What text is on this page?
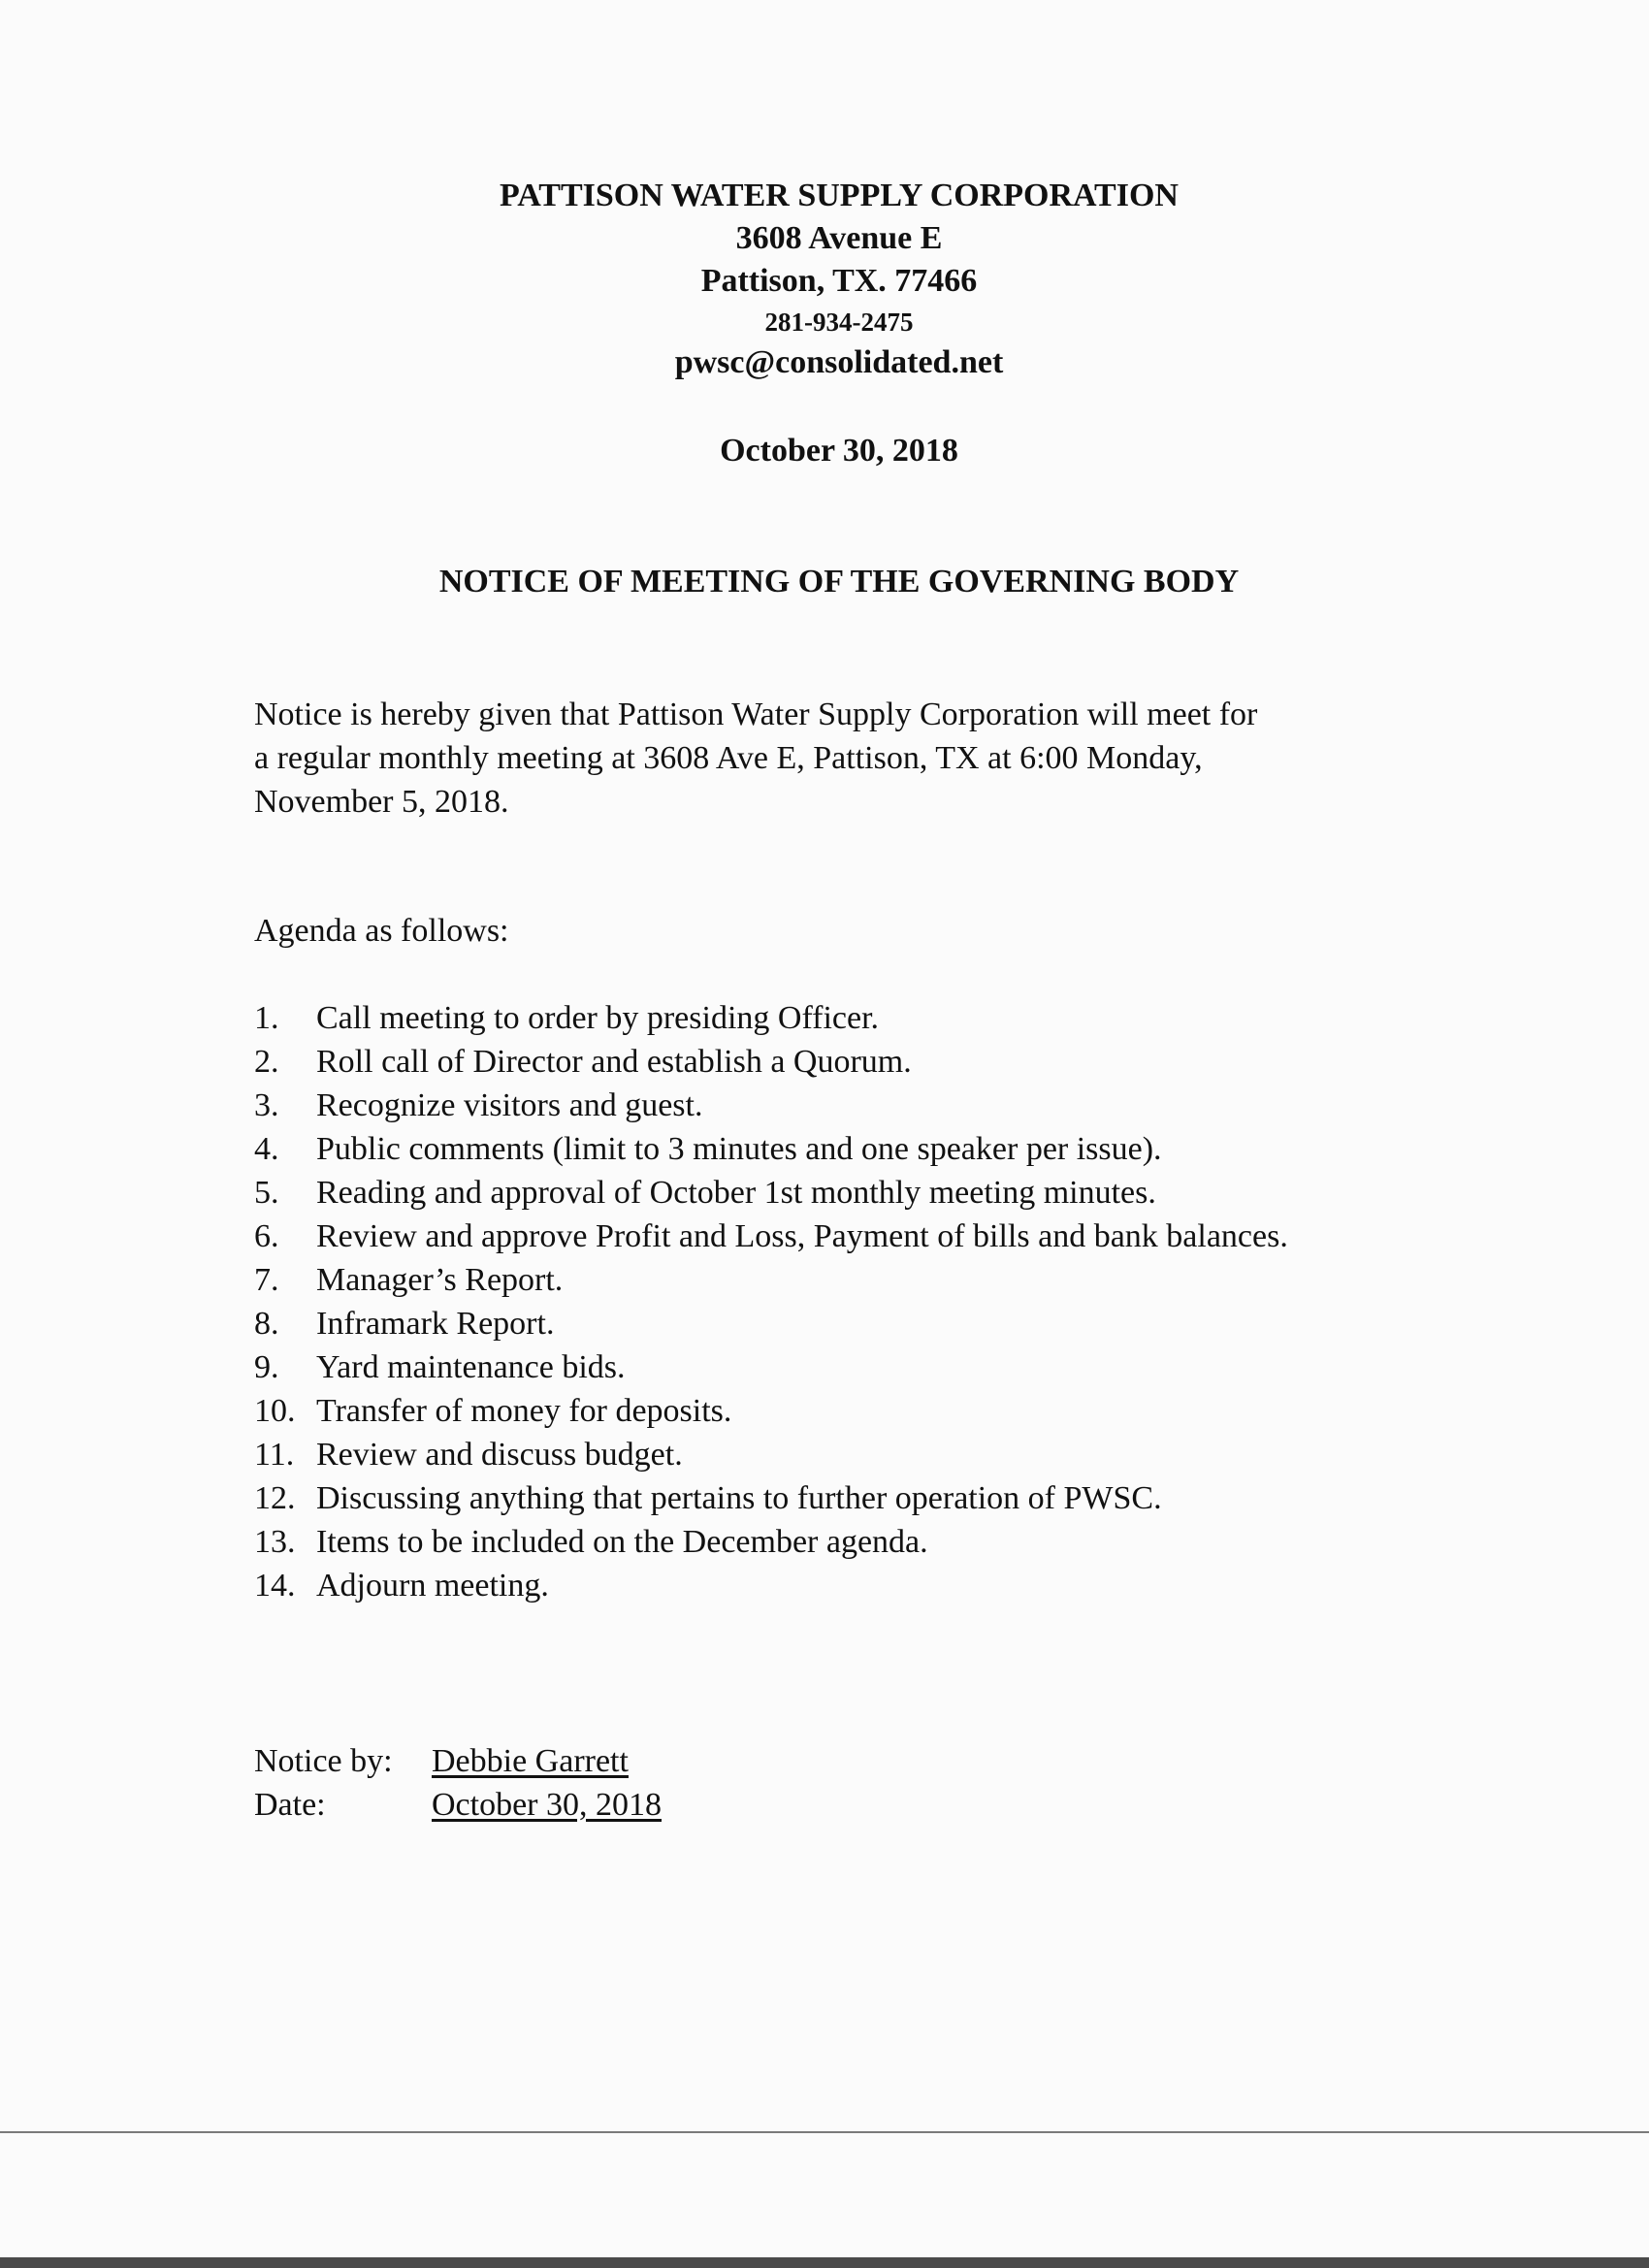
PATTISON WATER SUPPLY CORPORATION
3608 Avenue E
Pattison, TX. 77466
281-934-2475
pwsc@consolidated.net
October 30, 2018
NOTICE OF MEETING OF THE GOVERNING BODY
Notice is hereby given that Pattison Water Supply Corporation will meet for
a regular monthly meeting at 3608 Ave E, Pattison, TX at 6:00 Monday,
November 5, 2018.
Agenda as follows:
1. Call meeting to order by presiding Officer.
2. Roll call of Director and establish a Quorum.
3. Recognize visitors and guest.
4. Public comments (limit to 3 minutes and one speaker per issue).
5. Reading and approval of October 1st monthly meeting minutes.
6. Review and approve Profit and Loss, Payment of bills and bank balances.
7. Manager’s Report.
8. Inframark Report.
9. Yard maintenance bids.
10. Transfer of money for deposits.
11. Review and discuss budget.
12. Discussing anything that pertains to further operation of PWSC.
13. Items to be included on the December agenda.
14. Adjourn meeting.
Notice by:	Debbie Garrett
Date:	October 30, 2018
